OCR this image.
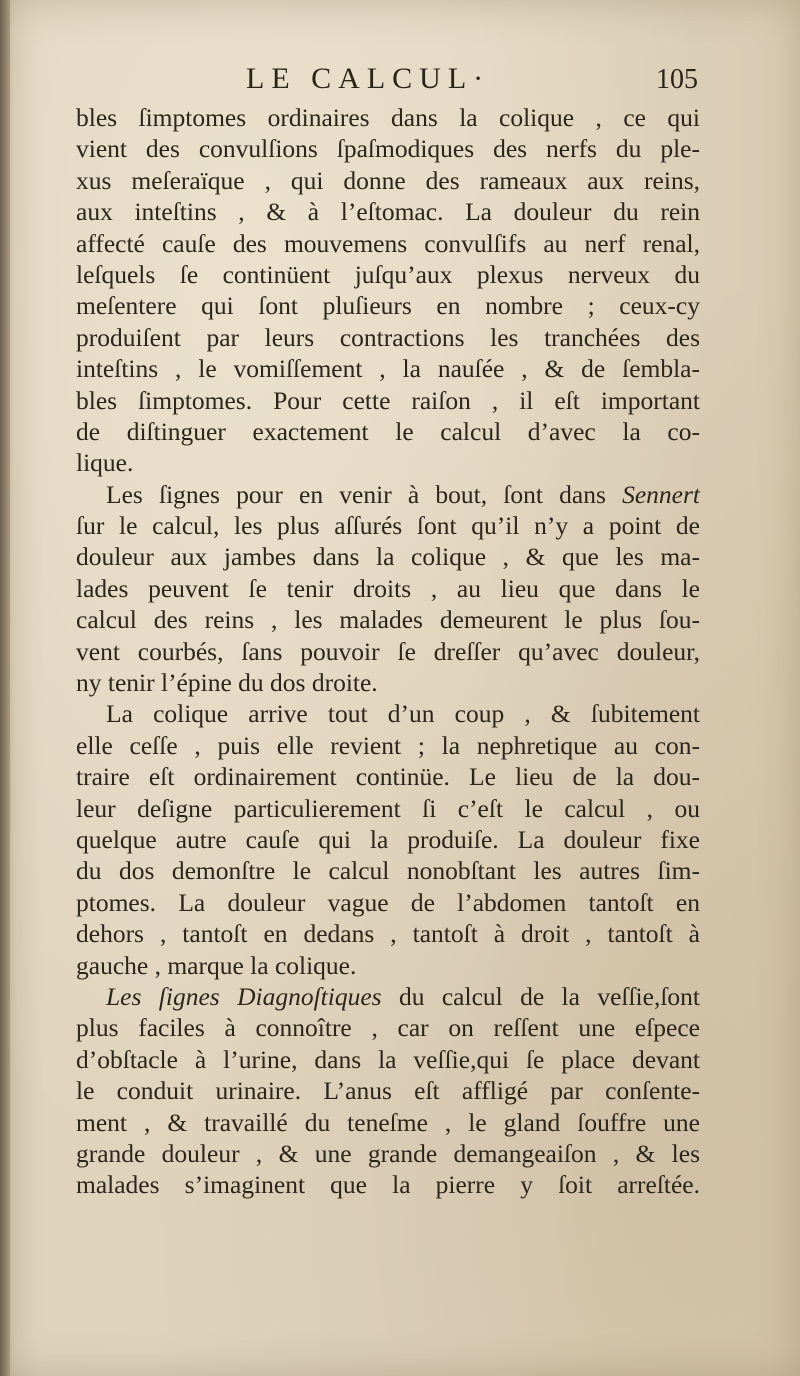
LE CALCUL·	105
bles ſimptomes ordinaires dans la colique , ce qui
vient des convulſions ſpaſmodiques des nerfs du ple-
xus meſeraïque , qui donne des rameaux aux reins,
aux inteſtins , & à l’eſtomac. La douleur du rein
affecté cauſe des mouvemens convulſifs au nerf renal,
leſquels ſe continüent juſqu’aux plexus nerveux du
meſentere qui ſont pluſieurs en nombre ; ceux-cy
produiſent par leurs contractions les tranchées des
inteſtins , le vomiſſement , la nauſée , & de ſembla-
bles ſimptomes. Pour cette raiſon , il eſt important
de diſtinguer exactement le calcul d’avec la co-
lique.
Les ſignes pour en venir à bout, ſont dans Sennert
ſur le calcul, les plus aſſurés ſont qu’il n’y a point de
douleur aux jambes dans la colique , & que les ma-
lades peuvent ſe tenir droits , au lieu que dans le
calcul des reins , les malades demeurent le plus ſou-
vent courbés, ſans pouvoir ſe dreſſer qu’avec douleur,
ny tenir l’épine du dos droite.
La colique arrive tout d’un coup , & ſubitement
elle ceſſe , puis elle revient ; la nephretique au con-
traire eſt ordinairement continüe. Le lieu de la dou-
leur deſigne particulierement ſi c’eſt le calcul , ou
quelque autre cauſe qui la produiſe. La douleur fixe
du dos demonſtre le calcul nonobſtant les autres ſim-
ptomes. La douleur vague de l’abdomen tantoſt en
dehors , tantoſt en dedans , tantoſt à droit , tantoſt à
gauche , marque la colique.
Les ſignes Diagnoſtiques du calcul de la veſſie,ſont
plus faciles à connoître , car on reſſent une eſpece
d’obſtacle à l’urine, dans la veſſie,qui ſe place devant
le conduit urinaire. L’anus eſt affligé par conſente-
ment , & travaillé du teneſme , le gland ſouffre une
grande douleur , & une grande demangeaiſon , & les
malades s’imaginent que la pierre y ſoit arreſtée.
